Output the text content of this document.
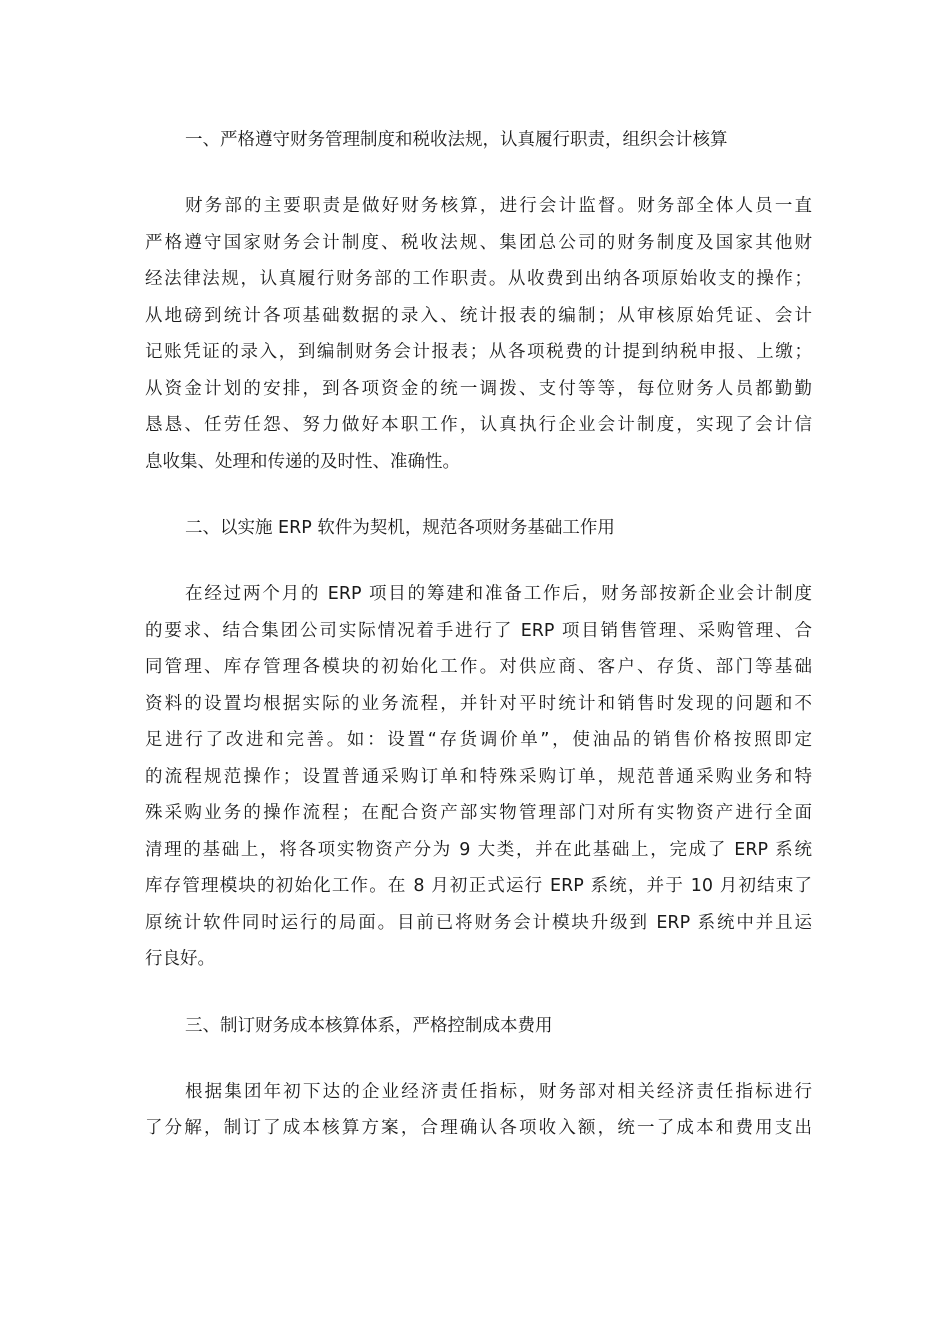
一、严格遵守财务管理制度和税收法规，认真履行职责，组织会计核算
财务部的主要职责是做好财务核算，进行会计监督。财务部全体人员一直
严格遵守国家财务会计制度、税收法规、集团总公司的财务制度及国家其他财
经法律法规，认真履行财务部的工作职责。从收费到出纳各项原始收支的操作；
从地磅到统计各项基础数据的录入、统计报表的编制；从审核原始凭证、会计
记账凭证的录入，到编制财务会计报表；从各项税费的计提到纳税申报、上缴；
从资金计划的安排，到各项资金的统一调拨、支付等等，每位财务人员都勤勤
恳恳、任劳任怨、努力做好本职工作，认真执行企业会计制度，实现了会计信
息收集、处理和传递的及时性、准确性。
二、以实施 ERP 软件为契机，规范各项财务基础工作用
在经过两个月的 ERP 项目的筹建和准备工作后，财务部按新企业会计制度
的要求、结合集团公司实际情况着手进行了 ERP 项目销售管理、采购管理、合
同管理、库存管理各模块的初始化工作。对供应商、客户、存货、部门等基础
资料的设置均根据实际的业务流程，并针对平时统计和销售时发现的问题和不
足进行了改进和完善。如：设置“存货调价单”，使油品的销售价格按照即定
的流程规范操作；设置普通采购订单和特殊采购订单，规范普通采购业务和特
殊采购业务的操作流程；在配合资产部实物管理部门对所有实物资产进行全面
清理的基础上，将各项实物资产分为 9 大类，并在此基础上，完成了 ERP 系统
库存管理模块的初始化工作。在 8 月初正式运行 ERP 系统，并于 10 月初结束了
原统计软件同时运行的局面。目前已将财务会计模块升级到 ERP 系统中并且运
行良好。
三、制订财务成本核算体系，严格控制成本费用
根据集团年初下达的企业经济责任指标，财务部对相关经济责任指标进行
了分解，制订了成本核算方案，合理确认各项收入额，统一了成本和费用支出
